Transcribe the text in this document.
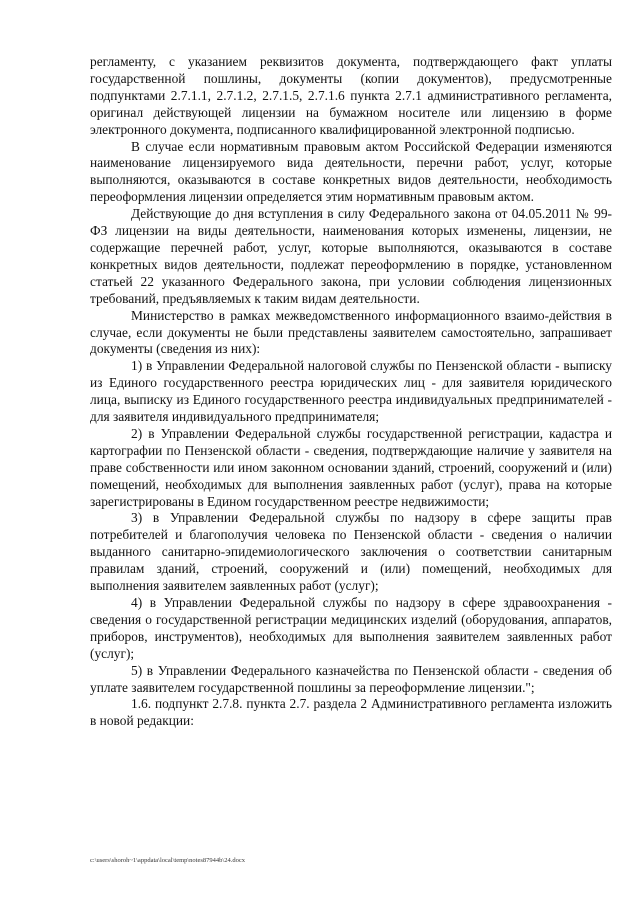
регламенту, с указанием реквизитов документа, подтверждающего факт уплаты государственной пошлины, документы (копии документов), предусмотренные подпунктами 2.7.1.1, 2.7.1.2, 2.7.1.5, 2.7.1.6 пункта 2.7.1 административного регламента, оригинал действующей лицензии на бумажном носителе или лицензию в форме электронного документа, подписанного квалифицированной электронной подписью.

В случае если нормативным правовым актом Российской Федерации изменяются наименование лицензируемого вида деятельности, перечни работ, услуг, которые выполняются, оказываются в составе конкретных видов деятельности, необходимость переоформления лицензии определяется этим нормативным правовым актом.

Действующие до дня вступления в силу Федерального закона от 04.05.2011 № 99-ФЗ лицензии на виды деятельности, наименования которых изменены, лицензии, не содержащие перечней работ, услуг, которые выполняются, оказываются в составе конкретных видов деятельности, подлежат переоформлению в порядке, установленном статьей 22 указанного Федерального закона, при условии соблюдения лицензионных требований, предъявляемых к таким видам деятельности.

Министерство в рамках межведомственного информационного взаимо-действия в случае, если документы не были представлены заявителем самостоятельно, запрашивает документы (сведения из них):

1) в Управлении Федеральной налоговой службы по Пензенской области - выписку из Единого государственного реестра юридических лиц - для заявителя юридического лица, выписку из Единого государственного реестра индивидуальных предпринимателей - для заявителя индивидуального предпринимателя;

2) в Управлении Федеральной службы государственной регистрации, кадастра и картографии по Пензенской области - сведения, подтверждающие наличие у заявителя на праве собственности или ином законном основании зданий, строений, сооружений и (или) помещений, необходимых для выполнения заявленных работ (услуг), права на которые зарегистрированы в Едином государственном реестре недвижимости;

3) в Управлении Федеральной службы по надзору в сфере защиты прав потребителей и благополучия человека по Пензенской области - сведения о наличии выданного санитарно-эпидемиологического заключения о соответствии санитарным правилам зданий, строений, сооружений и (или) помещений, необходимых для выполнения заявителем заявленных работ (услуг);

4) в Управлении Федеральной службы по надзору в сфере здравоохранения - сведения о государственной регистрации медицинских изделий (оборудования, аппаратов, приборов, инструментов), необходимых для выполнения заявителем заявленных работ (услуг);

5) в Управлении Федерального казначейства по Пензенской области - сведения об уплате заявителем государственной пошлины за переоформление лицензии.";

1.6. подпункт 2.7.8. пункта 2.7. раздела 2 Административного регламента изложить в новой редакции:

c:\users\shoroh~1\appdata\local\temp\notes87944b\24.docx
